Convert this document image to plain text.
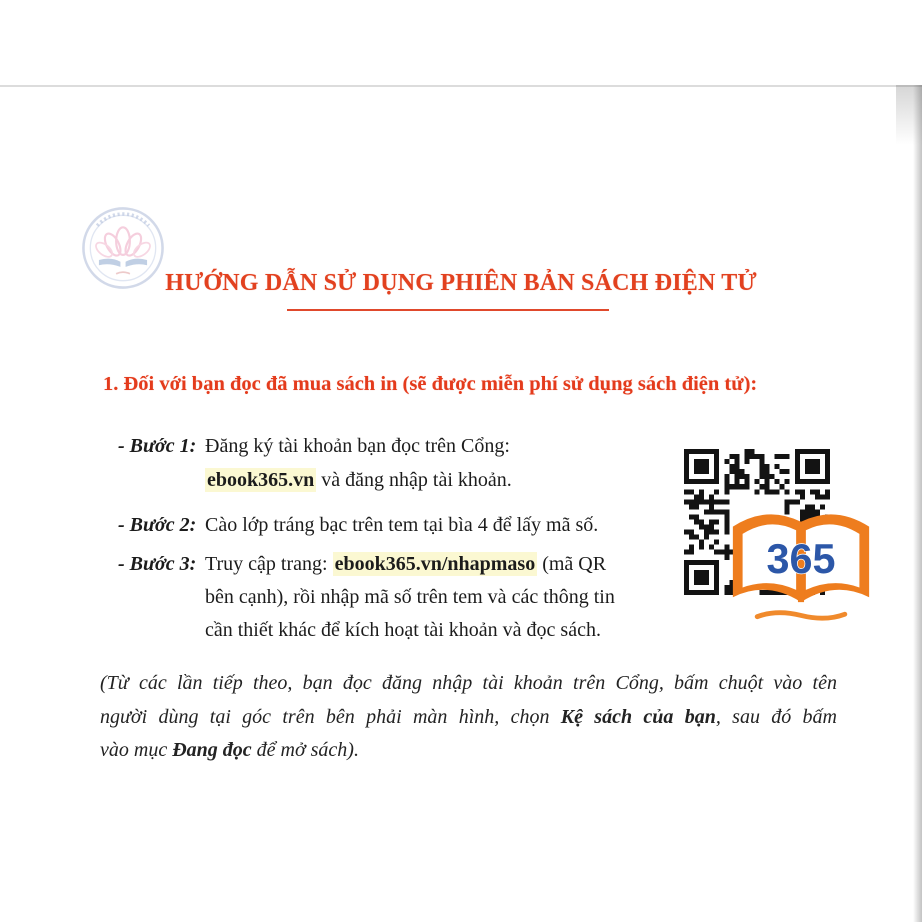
HƯỚNG DẪN SỬ DỤNG PHIÊN BẢN SÁCH ĐIỆN TỬ
1. Đối với bạn đọc đã mua sách in (sẽ được miễn phí sử dụng sách điện tử):
- Bước 1: Đăng ký tài khoản bạn đọc trên Cổng:
ebook365.vn và đăng nhập tài khoản.
- Bước 2: Cào lớp tráng bạc trên tem tại bìa 4 để lấy mã số.
- Bước 3: Truy cập trang: ebook365.vn/nhapmaso (mã QR
bên cạnh), rồi nhập mã số trên tem và các thông tin
cần thiết khác để kích hoạt tài khoản và đọc sách.
365
(Từ các lần tiếp theo, bạn đọc đăng nhập tài khoản trên Cổng, bấm chuột vào tên
người dùng tại góc trên bên phải màn hình, chọn Kệ sách của bạn, sau đó bấm
vào mục Đang đọc để mở sách).
